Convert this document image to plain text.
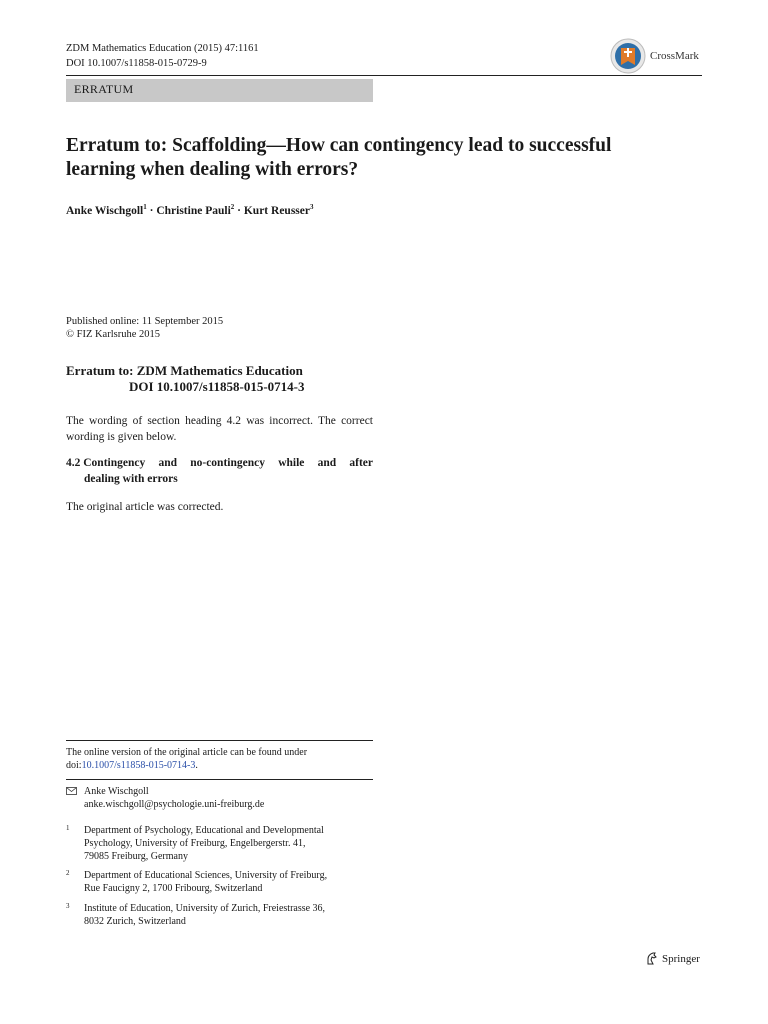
ZDM Mathematics Education (2015) 47:1161
DOI 10.1007/s11858-015-0729-9
CrossMark
ERRATUM
Erratum to: Scaffolding—How can contingency lead to successful learning when dealing with errors?
Anke Wischgoll$^1$ · Christine Pauli$^2$ · Kurt Reusser$^3$
Published online: 11 September 2015
© FIZ Karlsruhe 2015
Erratum to: ZDM Mathematics Education
DOI 10.1007/s11858-015-0714-3
The wording of section heading 4.2 was incorrect. The correct wording is given below.
4.2 Contingency and no-contingency while and after
dealing with errors
The original article was corrected.
The online version of the original article can be found under
doi:10.1007/s11858-015-0714-3.
Anke Wischgoll
anke.wischgoll@psychologie.uni-freiburg.de
1	Department of Psychology, Educational and Developmental
Psychology, University of Freiburg, Engelbergerstr. 41,
79085 Freiburg, Germany
2	Department of Educational Sciences, University of Freiburg,
Rue Faucigny 2, 1700 Fribourg, Switzerland
3	Institute of Education, University of Zurich, Freiestrasse 36,
8032 Zurich, Switzerland
Springer
